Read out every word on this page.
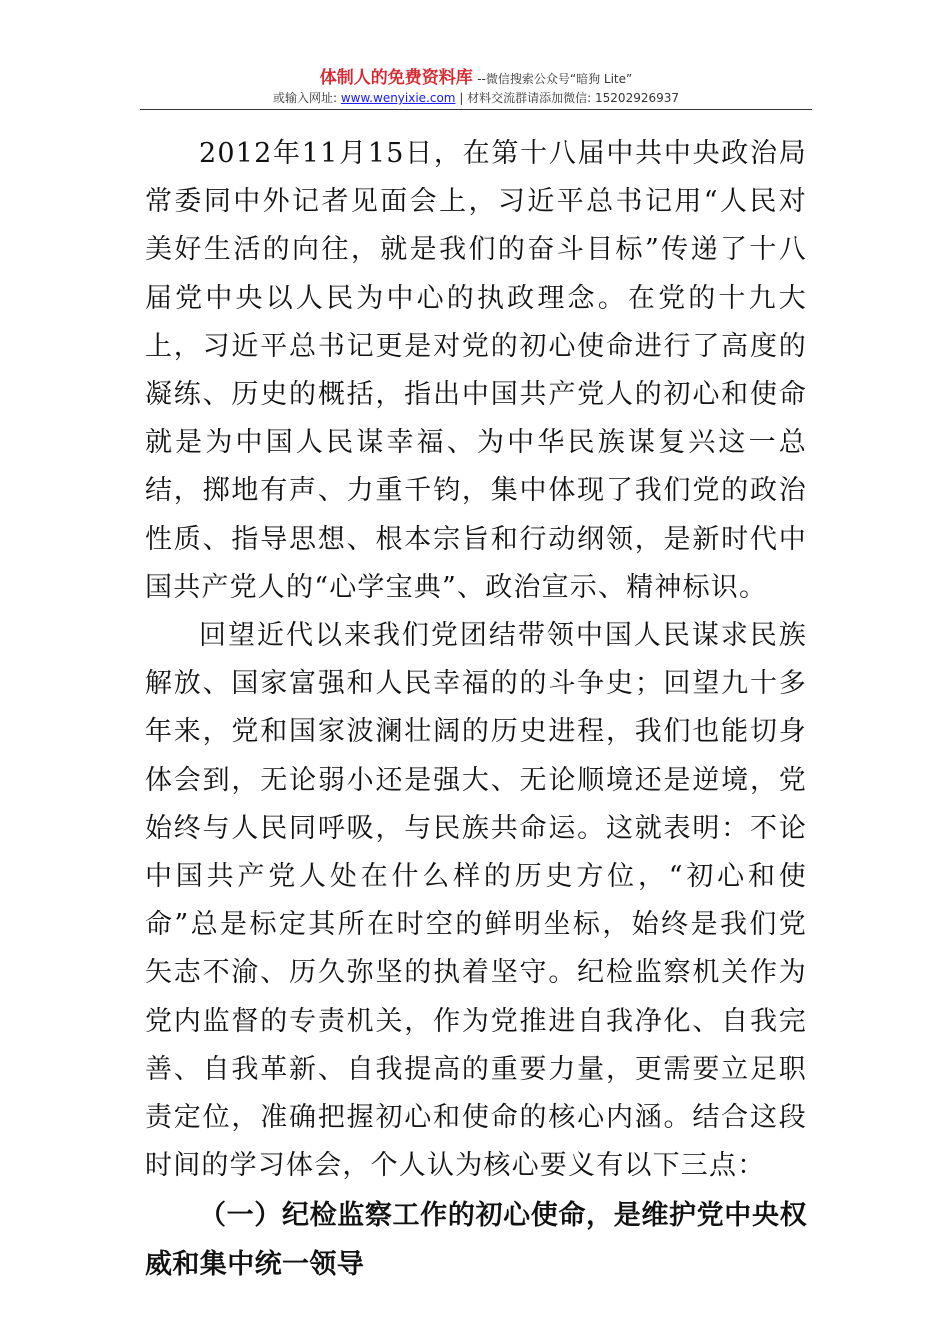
体制人的免费资料库 --微信搜索公众号“暗狗 Lite”
或输入网址: www.wenyixie.com | 材料交流群请添加微信: 15202926937

2012年11月15日，在第十八届中共中央政治局常委同中外记者见面会上，习近平总书记用“人民对美好生活的向往，就是我们的奋斗目标”传递了十八届党中央以人民为中心的执政理念。在党的十九大上，习近平总书记更是对党的初心使命进行了高度的凝练、历史的概括，指出中国共产党人的初心和使命就是为中国人民谋幸福、为中华民族谋复兴这一总结，掷地有声、力重千钧，集中体现了我们党的政治性质、指导思想、根本宗旨和行动纲领，是新时代中国共产党人的“心学宝典”、政治宣示、精神标识。

回望近代以来我们党团结带领中国人民谋求民族解放、国家富强和人民幸福的的斗争史；回望九十多年来，党和国家波澜壮阔的历史进程，我们也能切身体会到，无论弱小还是强大、无论顺境还是逆境，党始终与人民同呼吸，与民族共命运。这就表明：不论中国共产党人处在什么样的历史方位，“初心和使命”总是标定其所在时空的鲜明坐标，始终是我们党矢志不渝、历久弥坚的执着坚守。纪检监察机关作为党内监督的专责机关，作为党推进自我净化、自我完善、自我革新、自我提高的重要力量，更需要立足职责定位，准确把握初心和使命的核心内涵。结合这段时间的学习体会，个人认为核心要义有以下三点：

（一）纪检监察工作的初心使命，是维护党中央权威和集中统一领导
